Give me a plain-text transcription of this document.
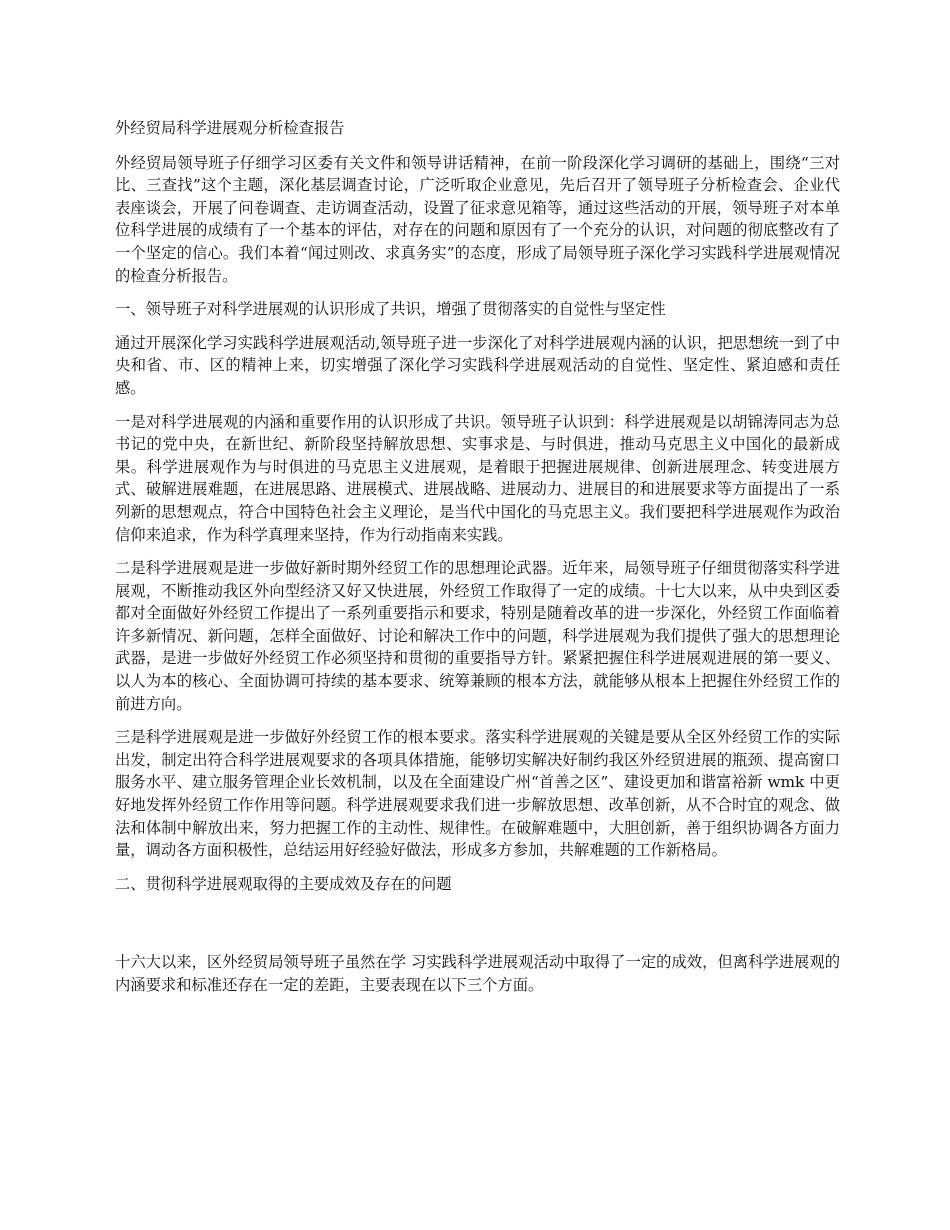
外经贸局科学进展观分析检查报告

外经贸局领导班子仔细学习区委有关文件和领导讲话精神，在前一阶段深化学习调研的基础上，围绕“三对比、三查找”这个主题，深化基层调查讨论，广泛听取企业意见，先后召开了领导班子分析检查会、企业代表座谈会，开展了问卷调查、走访调查活动，设置了征求意见箱等，通过这些活动的开展，领导班子对本单位科学进展的成绩有了一个基本的评估，对存在的问题和原因有了一个充分的认识，对问题的彻底整改有了一个坚定的信心。我们本着“闻过则改、求真务实”的态度，形成了局领导班子深化学习实践科学进展观情况的检查分析报告。

一、领导班子对科学进展观的认识形成了共识，增强了贯彻落实的自觉性与坚定性

通过开展深化学习实践科学进展观活动,领导班子进一步深化了对科学进展观内涵的认识，把思想统一到了中央和省、市、区的精神上来，切实增强了深化学习实践科学进展观活动的自觉性、坚定性、紧迫感和责任感。

一是对科学进展观的内涵和重要作用的认识形成了共识。领导班子认识到：科学进展观是以胡锦涛同志为总书记的党中央，在新世纪、新阶段坚持解放思想、实事求是、与时俱进，推动马克思主义中国化的最新成果。科学进展观作为与时俱进的马克思主义进展观，是着眼于把握进展规律、创新进展理念、转变进展方式、破解进展难题，在进展思路、进展模式、进展战略、进展动力、进展目的和进展要求等方面提出了一系列新的思想观点，符合中国特色社会主义理论，是当代中国化的马克思主义。我们要把科学进展观作为政治信仰来追求，作为科学真理来坚持，作为行动指南来实践。

二是科学进展观是进一步做好新时期外经贸工作的思想理论武器。近年来，局领导班子仔细贯彻落实科学进展观，不断推动我区外向型经济又好又快进展，外经贸工作取得了一定的成绩。十七大以来，从中央到区委都对全面做好外经贸工作提出了一系列重要指示和要求，特别是随着改革的进一步深化，外经贸工作面临着许多新情况、新问题，怎样全面做好、讨论和解决工作中的问题，科学进展观为我们提供了强大的思想理论武器，是进一步做好外经贸工作必须坚持和贯彻的重要指导方针。紧紧把握住科学进展观进展的第一要义、以人为本的核心、全面协调可持续的基本要求、统筹兼顾的根本方法，就能够从根本上把握住外经贸工作的前进方向。

三是科学进展观是进一步做好外经贸工作的根本要求。落实科学进展观的关键是要从全区外经贸工作的实际出发，制定出符合科学进展观要求的各项具体措施，能够切实解决好制约我区外经贸进展的瓶颈、提高窗口服务水平、建立服务管理企业长效机制，以及在全面建设广州“首善之区”、建设更加和谐富裕新 wmk 中更好地发挥外经贸工作作用等问题。科学进展观要求我们进一步解放思想、改革创新，从不合时宜的观念、做法和体制中解放出来，努力把握工作的主动性、规律性。在破解难题中，大胆创新，善于组织协调各方面力量，调动各方面积极性，总结运用好经验好做法，形成多方参加，共解难题的工作新格局。

二、贯彻科学进展观取得的主要成效及存在的问题

十六大以来，区外经贸局领导班子虽然在学 习实践科学进展观活动中取得了一定的成效，但离科学进展观的内涵要求和标准还存在一定的差距，主要表现在以下三个方面。
